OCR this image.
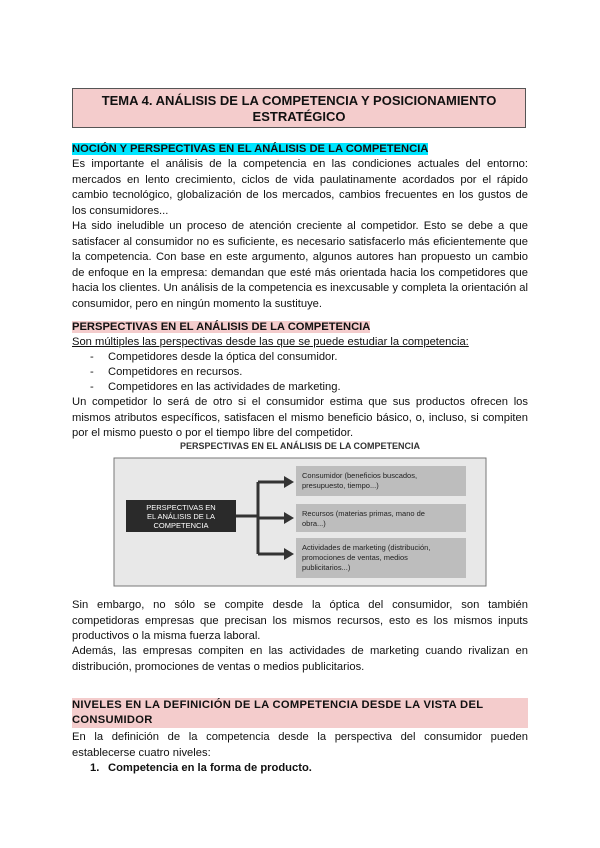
TEMA 4. ANÁLISIS DE LA COMPETENCIA Y POSICIONAMIENTO
ESTRATÉGICO
NOCIÓN Y PERSPECTIVAS EN EL ANÁLISIS DE LA COMPETENCIA
Es importante el análisis de la competencia en las condiciones actuales del entorno: mercados en lento crecimiento, ciclos de vida paulatinamente acordados por el rápido cambio tecnológico, globalización de los mercados, cambios frecuentes en los gustos de los consumidores...
Ha sido ineludible un proceso de atención creciente al competidor. Esto se debe a que satisfacer al consumidor no es suficiente, es necesario satisfacerlo más eficientemente que la competencia. Con base en este argumento, algunos autores han propuesto un cambio de enfoque en la empresa: demandan que esté más orientada hacia los competidores que hacia los clientes. Un análisis de la competencia es inexcusable y completa la orientación al consumidor, pero en ningún momento la sustituye.
PERSPECTIVAS EN EL ANÁLISIS DE LA COMPETENCIA
Son múltiples las perspectivas desde las que se puede estudiar la competencia:
- Competidores desde la óptica del consumidor.
- Competidores en recursos.
- Competidores en las actividades de marketing.
Un competidor lo será de otro si el consumidor estima que sus productos ofrecen los mismos atributos específicos, satisfacen el mismo beneficio básico, o, incluso, si compiten por el mismo puesto o por el tiempo libre del competidor.
PERSPECTIVAS EN EL ANÁLISIS DE LA COMPETENCIA
PERSPECTIVAS EN
EL ANÁLISIS DE LA
COMPETENCIA
Consumidor (beneficios buscados,
presupuesto, tiempo...)
Recursos (materias primas, mano de
obra...)
Actividades de marketing (distribución,
promociones de ventas, medios
publicitarios...)
Sin embargo, no sólo se compite desde la óptica del consumidor, son también competidoras empresas que precisan los mismos recursos, esto es los mismos inputs productivos o la misma fuerza laboral.
Además, las empresas compiten en las actividades de marketing cuando rivalizan en distribución, promociones de ventas o medios publicitarios.
NIVELES EN LA DEFINICIÓN DE LA COMPETENCIA DESDE LA VISTA DEL CONSUMIDOR
En la definición de la competencia desde la perspectiva del consumidor pueden establecerse cuatro niveles:
1. Competencia en la forma de producto.
